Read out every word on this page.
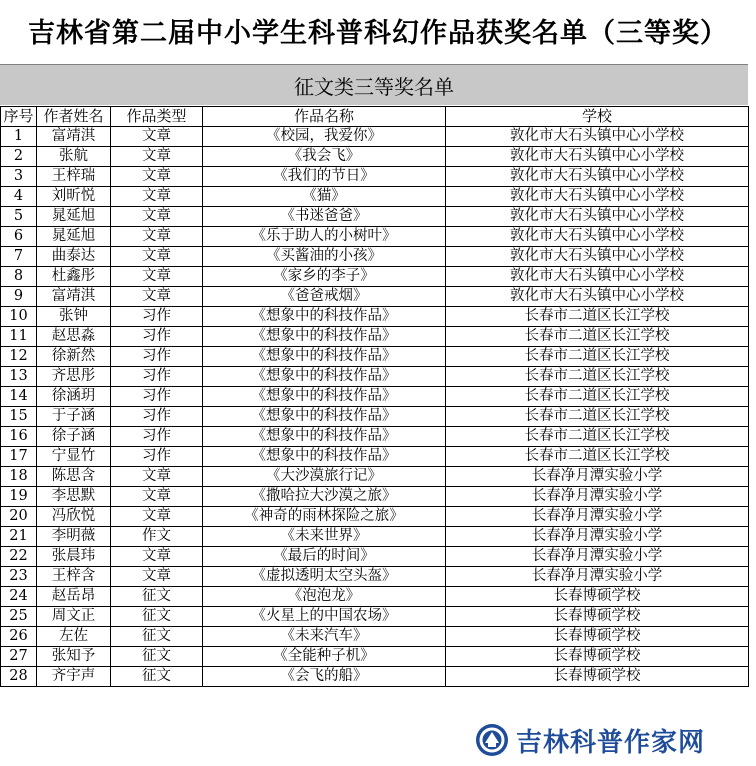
吉林省第二届中小学生科普科幻作品获奖名单（三等奖）
征文类三等奖名单
序号	作者姓名	作品类型	作品名称	学校
1	富靖淇	文章	《校园，我爱你》	敦化市大石头镇中心小学校
2	张航	文章	《我会飞》	敦化市大石头镇中心小学校
3	王梓瑞	文章	《我们的节日》	敦化市大石头镇中心小学校
4	刘昕悦	文章	《猫》	敦化市大石头镇中心小学校
5	晁延旭	文章	《书迷爸爸》	敦化市大石头镇中心小学校
6	晁延旭	文章	《乐于助人的小树叶》	敦化市大石头镇中心小学校
7	曲泰达	文章	《买酱油的小孩》	敦化市大石头镇中心小学校
8	杜鑫彤	文章	《家乡的李子》	敦化市大石头镇中心小学校
9	富靖淇	文章	《爸爸戒烟》	敦化市大石头镇中心小学校
10	张钟	习作	《想象中的科技作品》	长春市二道区长江学校
11	赵思淼	习作	《想象中的科技作品》	长春市二道区长江学校
12	徐新然	习作	《想象中的科技作品》	长春市二道区长江学校
13	齐思彤	习作	《想象中的科技作品》	长春市二道区长江学校
14	徐涵玥	习作	《想象中的科技作品》	长春市二道区长江学校
15	于子涵	习作	《想象中的科技作品》	长春市二道区长江学校
16	徐子涵	习作	《想象中的科技作品》	长春市二道区长江学校
17	宁显竹	习作	《想象中的科技作品》	长春市二道区长江学校
18	陈思含	文章	《大沙漠旅行记》	长春净月潭实验小学
19	李思默	文章	《撒哈拉大沙漠之旅》	长春净月潭实验小学
20	冯欣悦	文章	《神奇的雨林探险之旅》	长春净月潭实验小学
21	李明薇	作文	《未来世界》	长春净月潭实验小学
22	张晨玮	文章	《最后的时间》	长春净月潭实验小学
23	王梓含	文章	《虚拟透明太空头盔》	长春净月潭实验小学
24	赵岳昂	征文	《泡泡龙》	长春博硕学校
25	周文正	征文	《火星上的中国农场》	长春博硕学校
26	左佐	征文	《未来汽车》	长春博硕学校
27	张知予	征文	《全能种子机》	长春博硕学校
28	齐宇声	征文	《会飞的船》	长春博硕学校
吉林科普作家网
